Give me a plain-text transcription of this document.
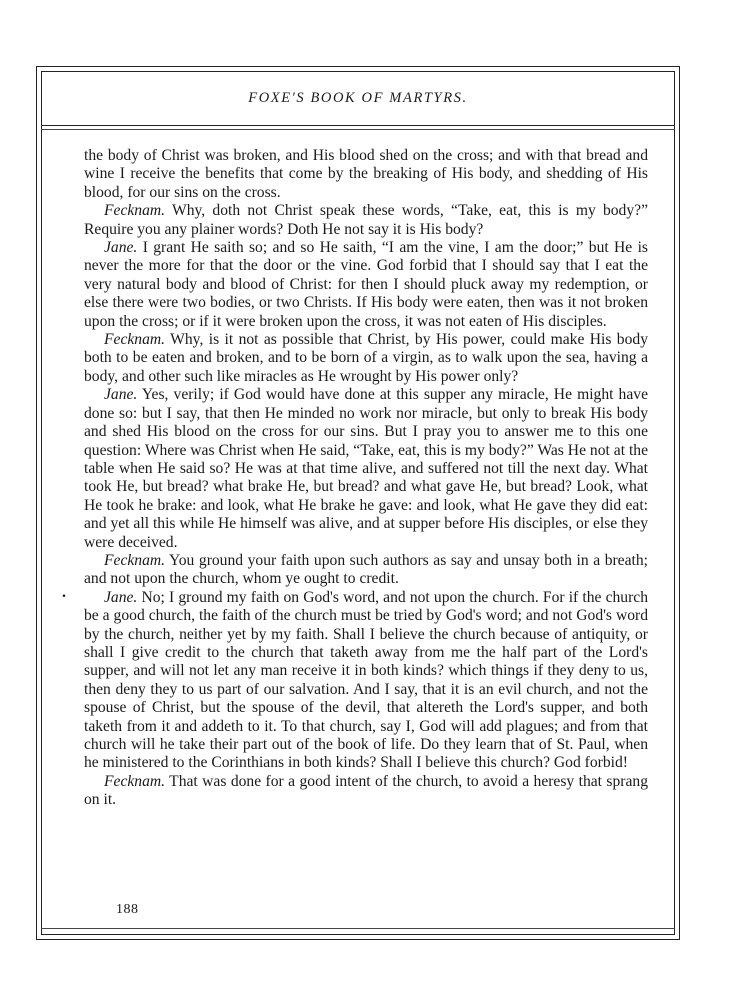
FOXE'S BOOK OF MARTYRS.

the body of Christ was broken, and His blood shed on the cross; and with that bread and wine I receive the benefits that come by the breaking of His body, and shedding of His blood, for our sins on the cross.

Fecknam. Why, doth not Christ speak these words, “Take, eat, this is my body?” Require you any plainer words? Doth He not say it is His body?

Jane. I grant He saith so; and so He saith, “I am the vine, I am the door;” but He is never the more for that the door or the vine. God forbid that I should say that I eat the very natural body and blood of Christ: for then I should pluck away my redemption, or else there were two bodies, or two Christs. If His body were eaten, then was it not broken upon the cross; or if it were broken upon the cross, it was not eaten of His disciples.

Fecknam. Why, is it not as possible that Christ, by His power, could make His body both to be eaten and broken, and to be born of a virgin, as to walk upon the sea, having a body, and other such like miracles as He wrought by His power only?

Jane. Yes, verily; if God would have done at this supper any miracle, He might have done so: but I say, that then He minded no work nor miracle, but only to break His body and shed His blood on the cross for our sins. But I pray you to answer me to this one question: Where was Christ when He said, “Take, eat, this is my body?” Was He not at the table when He said so? He was at that time alive, and suffered not till the next day. What took He, but bread? what brake He, but bread? and what gave He, but bread? Look, what He took he brake: and look, what He brake he gave: and look, what He gave they did eat: and yet all this while He himself was alive, and at supper before His disciples, or else they were deceived.

Fecknam. You ground your faith upon such authors as say and unsay both in a breath; and not upon the church, whom ye ought to credit.

Jane. No; I ground my faith on God's word, and not upon the church. For if the church be a good church, the faith of the church must be tried by God's word; and not God's word by the church, neither yet by my faith. Shall I believe the church because of antiquity, or shall I give credit to the church that taketh away from me the half part of the Lord's supper, and will not let any man receive it in both kinds? which things if they deny to us, then deny they to us part of our salvation. And I say, that it is an evil church, and not the spouse of Christ, but the spouse of the devil, that altereth the Lord's supper, and both taketh from it and addeth to it. To that church, say I, God will add plagues; and from that church will he take their part out of the book of life. Do they learn that of St. Paul, when he ministered to the Corinthians in both kinds? Shall I believe this church? God forbid!

Fecknam. That was done for a good intent of the church, to avoid a heresy that sprang on it.

.
188
